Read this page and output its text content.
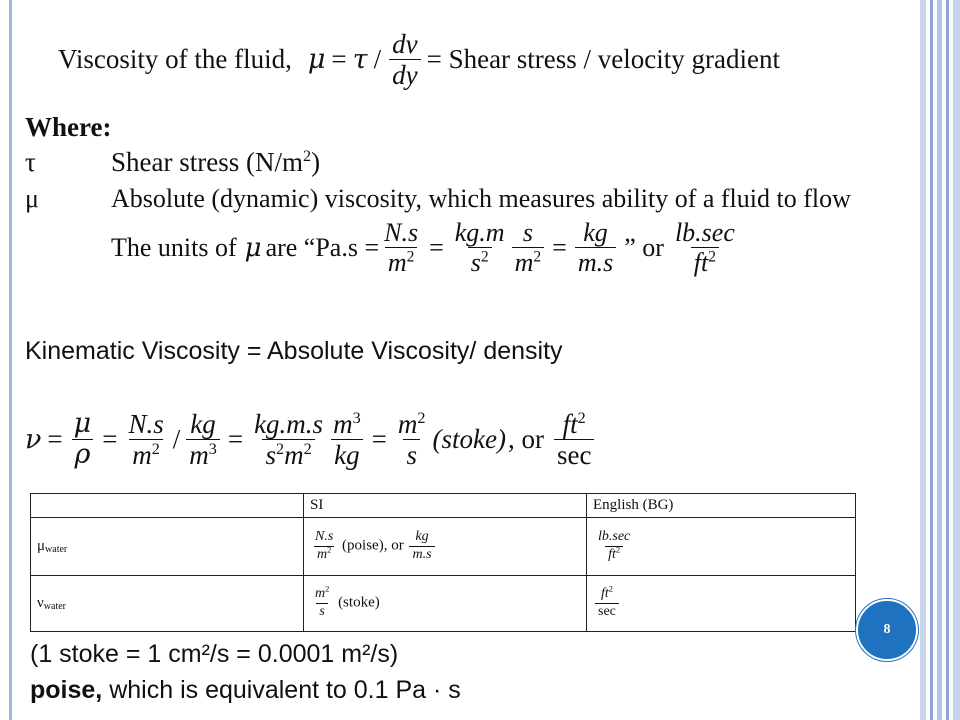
Viscosity of the fluid, $\mu = \tau / \frac{dv}{dy}$ = Shear stress / velocity gradient
Where:
τ	Shear stress $(N/m^2)$
μ	Absolute (dynamic) viscosity, which measures ability of a fluid to flow
The units of μ are “$Pa.s = \frac{N.s}{m^2} = \frac{kg.m}{s^2} \frac{s}{m^2} = \frac{kg}{m.s}$ ” or $\frac{lb.\sec}{ft^2}$
Kinematic Viscosity = Absolute Viscosity/ density
$\nu = \frac{\mu}{\rho} = \frac{N.s}{m^2} / \frac{kg}{m^3} = \frac{kg.m.s}{s^2m^2} \frac{m^3}{kg} = \frac{m^2}{s}$ (stoke) , or $\frac{ft^2}{\sec}$
	SI	English (BG)
$\mu_{water}$	$\frac{N.s}{m^2}$ (poise), or $\frac{kg}{m.s}$	$\frac{lb.\sec}{ft^2}$

$\nu_{water}$	$\frac{m^2}{s}$ (stoke)	$\frac{ft^2}{\sec}$
8
(1 stoke = 1 cm²/s = 0.0001 m²/s)
poise, which is equivalent to 0.1 Pa · s
